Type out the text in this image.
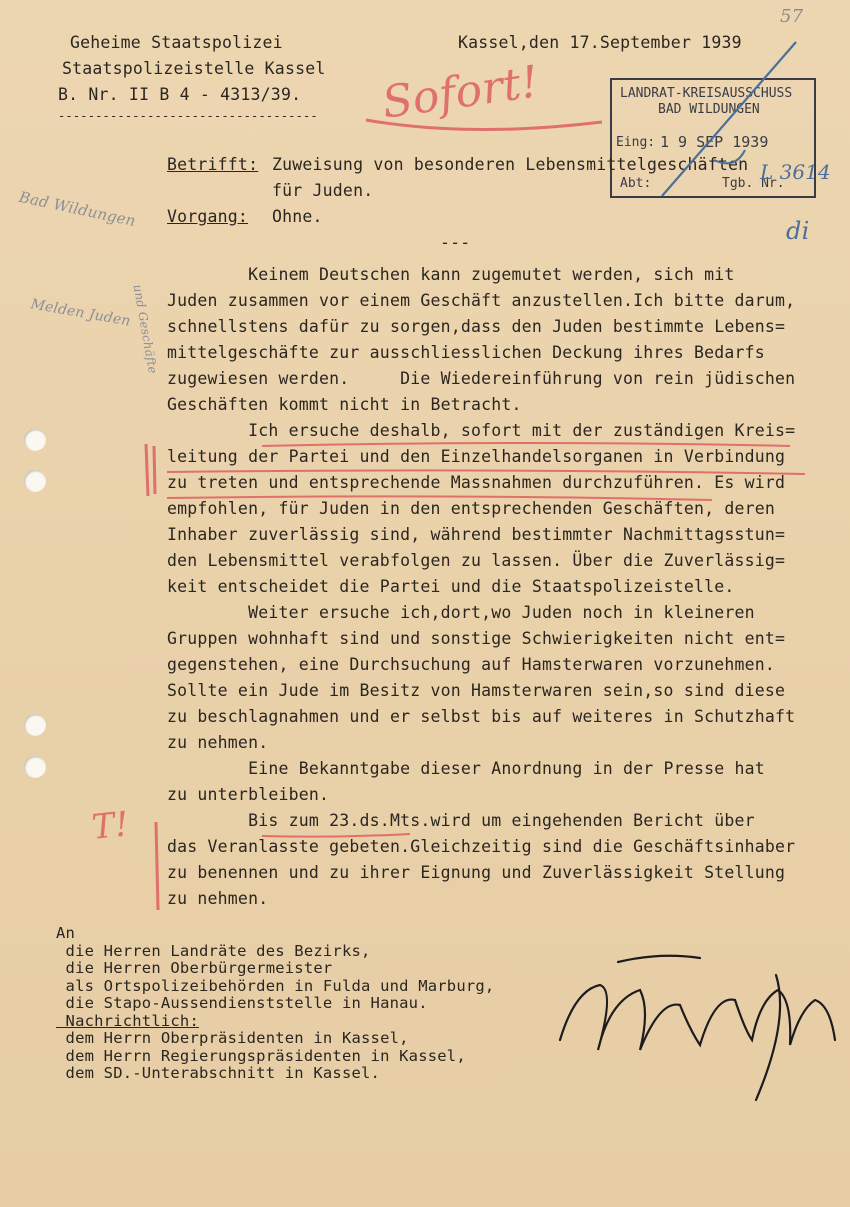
Geheime Staatspolizei
Staatspolizeistelle Kassel
B. Nr. II B 4 - 4313/39.
-----------------------------------
Kassel,den 17.September 1939
57
Sofort!	LANDRAT-KREISAUSSCHUSS
BAD WILDUNGEN
Eing: 1 9 SEP 1939
Abt:	Tgb. Nr.
L 3614
di
Betrifft: Zuweisung von besonderen Lebensmittelgeschäften
für Juden.
Vorgang: Ohne.
---
Bad Wildungen
Melden Juden
und Geschäfte
Keinem Deutschen kann zugemutet werden, sich mit
Juden zusammen vor einem Geschäft anzustellen.Ich bitte darum,
schnellstens dafür zu sorgen,dass den Juden bestimmte Lebens=
mittelgeschäfte zur ausschliesslichen Deckung ihres Bedarfs
zugewiesen werden.     Die Wiedereinführung von rein jüdischen
Geschäften kommt nicht in Betracht.
Ich ersuche deshalb, sofort mit der zuständigen Kreis=
leitung der Partei und den Einzelhandelsorganen in Verbindung
zu treten und entsprechende Massnahmen durchzuführen. Es wird
empfohlen, für Juden in den entsprechenden Geschäften, deren
Inhaber zuverlässig sind, während bestimmter Nachmittagsstun=
den Lebensmittel verabfolgen zu lassen. Über die Zuverlässig=
keit entscheidet die Partei und die Staatspolizeistelle.
Weiter ersuche ich,dort,wo Juden noch in kleineren
Gruppen wohnhaft sind und sonstige Schwierigkeiten nicht ent=
gegenstehen, eine Durchsuchung auf Hamsterwaren vorzunehmen.
Sollte ein Jude im Besitz von Hamsterwaren sein,so sind diese
zu beschlagnahmen und er selbst bis auf weiteres in Schutzhaft
zu nehmen.
Eine Bekanntgabe dieser Anordnung in der Presse hat
zu unterbleiben.
Bis zum 23.ds.Mts.wird um eingehenden Bericht über
das Veranlasste gebeten.Gleichzeitig sind die Geschäftsinhaber
zu benennen und zu ihrer Eignung und Zuverlässigkeit Stellung
zu nehmen.
T!
An
die Herren Landräte des Bezirks,
die Herren Oberbürgermeister
als Ortspolizeibehörden in Fulda und Marburg,
die Stapo-Aussendienststelle in Hanau.
Nachrichtlich:
dem Herrn Oberpräsidenten in Kassel,
dem Herrn Regierungspräsidenten in Kassel,
dem SD.-Unterabschnitt in Kassel.
